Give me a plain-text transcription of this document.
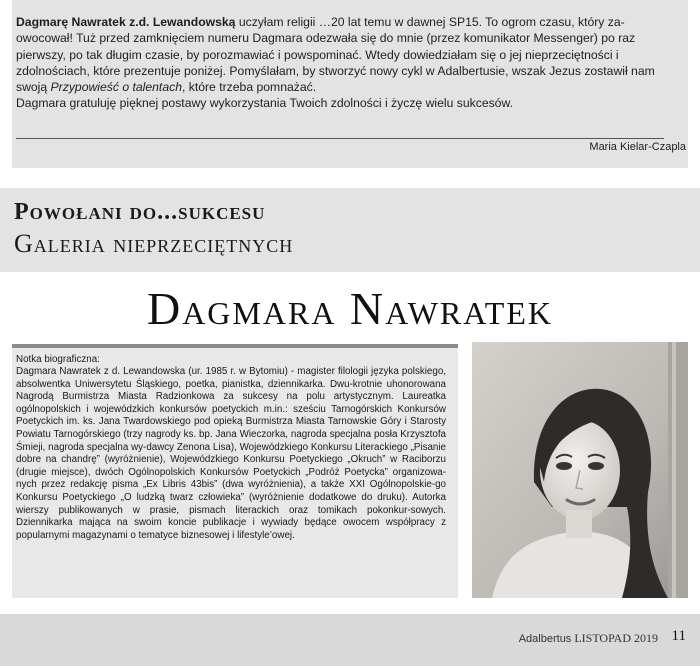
Dagmarę Nawratek z.d. Lewandowską uczyłam religii …20 lat temu w dawnej SP15. To ogrom czasu, który za-owocował! Tuż przed zamknięciem numeru Dagmara odezwała się do mnie (przez komunikator Messenger) po raz pierwszy, po tak długim czasie, by porozmawiać i powspominać. Wtedy dowiedziałam się o jej nieprzeciętności i zdolnościach, które prezentuje poniżej. Pomyślałam, by stworzyć nowy cykl w Adalbertusie, wszak Jezus zostawił nam swoją Przypowieść o talentach, które trzeba pomnażać.

Dagmara gratuluję pięknej postawy wykorzystania Twoich zdolności i życzę wielu sukcesów.

Maria Kielar-Czapla
Powołani do...sukcesu
Galeria nieprzeciętnych
Dagmara Nawratek
Notka biograficzna:
Dagmara Nawratek z d. Lewandowska (ur. 1985 r. w Bytomiu) - magister filologii języka polskiego, absolwentka Uniwersytetu Śląskiego, poetka, pianistka, dziennikarka. Dwu-krotnie uhonorowana Nagrodą Burmistrza Miasta Radzionkowa za sukcesy na polu artystycznym. Laureatka ogólnopolskich i wojewódzkich konkursów poetyckich m.in.: sześciu Tarnogórskich Konkursów Poetyckich im. ks. Jana Twardowskiego pod opieką Burmistrza Miasta Tarnowskie Góry i Starosty Powiatu Tarnogórskiego (trzy nagrody ks. bp. Jana Wieczorka, nagroda specjalna posła Krzysztofa Śmieji, nagroda specjalna wy-dawcy Zenona Lisa), Wojewódzkiego Konkursu Literackiego „Pisanie dobre na chandrę” (wyróżnienie), Wojewódzkiego Konkursu Poetyckiego „Okruch” w Raciborzu (drugie miejsce), dwóch Ogólnopolskich Konkursów Poetyckich „Podróż Poetycka” organizowa-nych przez redakcję pisma „Ex Libris 43bis” (dwa wyróżnienia), a także XXI Ogólnopolskie-go Konkursu Poetyckiego „O ludzką twarz człowieka” (wyróżnienie dodatkowe do druku). Autorka wierszy publikowanych w prasie, pismach literackich oraz tomikach pokonkur-sowych. Dziennikarka mająca na swoim koncie publikacje i wywiady będące owocem współpracy z popularnymi magazynami o tematyce biznesowej i lifestyle’owej.
Adalbertus LISTOPAD 2019 11
